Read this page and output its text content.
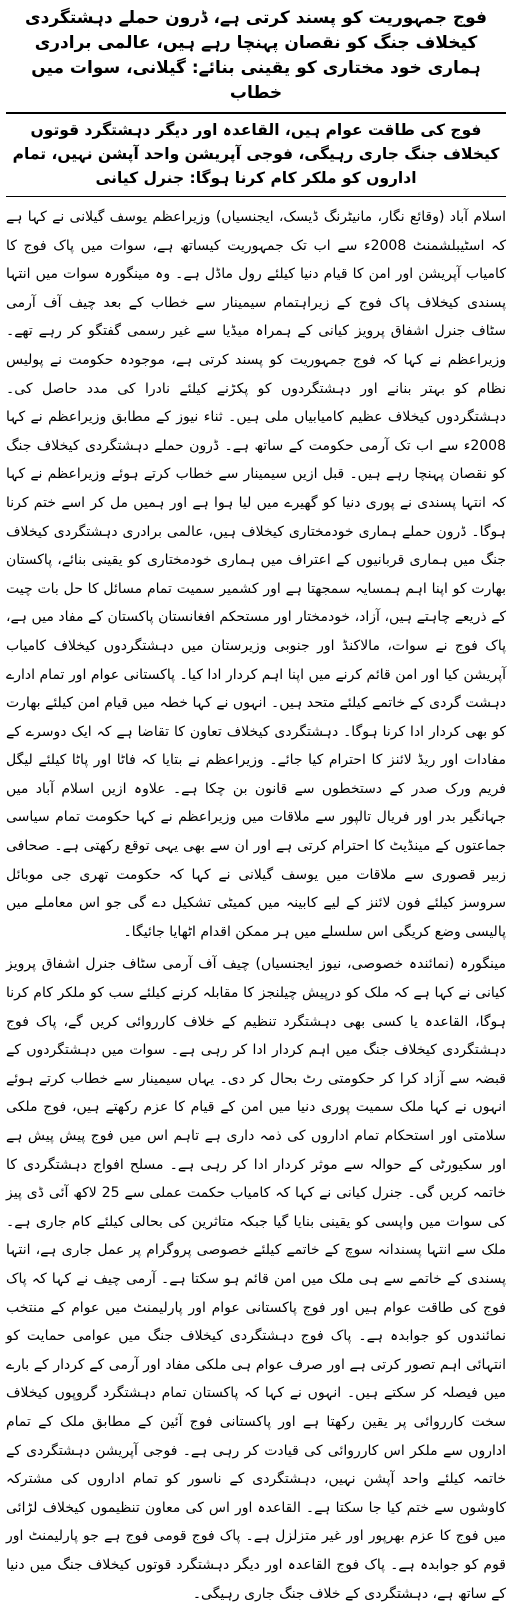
فوج جمہوریت کو پسند کرتی ہے، ڈرون حملے دہشتگردی کیخلاف جنگ کو نقصان پہنچا رہے ہیں، عالمی برادری ہماری خود مختاری کو یقینی بنائے: گیلانی، سوات میں خطاب
فوج کی طاقت عوام ہیں، القاعدہ اور دیگر دہشتگرد قوتوں کیخلاف جنگ جاری رہیگی، فوجی آپریشن واحد آپشن نہیں، تمام اداروں کو ملکر کام کرنا ہوگا: جنرل کیانی

اسلام آباد (وقائع نگار، مانیٹرنگ ڈیسک، ایجنسیاں) وزیراعظم یوسف گیلانی نے کہا ہے کہ اسٹیبلشمنٹ 2008ء سے اب تک جمہوریت کیساتھ ہے، سوات میں پاک فوج کا کامیاب آپریشن اور امن کا قیام دنیا کیلئے رول ماڈل ہے۔ وہ مینگورہ سوات میں انتہا پسندی کیخلاف پاک فوج کے زیراہتمام سیمینار سے خطاب کے بعد چیف آف آرمی سٹاف جنرل اشفاق پرویز کیانی کے ہمراہ میڈیا سے غیر رسمی گفتگو کر رہے تھے۔ وزیراعظم نے کہا کہ فوج جمہوریت کو پسند کرتی ہے، موجودہ حکومت نے پولیس نظام کو بہتر بنانے اور دہشتگردوں کو پکڑنے کیلئے نادرا کی مدد حاصل کی۔ دہشتگردوں کیخلاف عظیم کامیابیاں ملی ہیں۔ ثناء نیوز کے مطابق وزیراعظم نے کہا 2008ء سے اب تک آرمی حکومت کے ساتھ ہے۔ ڈرون حملے دہشتگردی کیخلاف جنگ کو نقصان پہنچا رہے ہیں۔ قبل ازیں سیمینار سے خطاب کرتے ہوئے وزیراعظم نے کہا کہ انتہا پسندی نے پوری دنیا کو گھیرے میں لیا ہوا ہے اور ہمیں مل کر اسے ختم کرنا ہوگا۔ ڈرون حملے ہماری خودمختاری کیخلاف ہیں، عالمی برادری دہشتگردی کیخلاف جنگ میں ہماری قربانیوں کے اعتراف میں ہماری خودمختاری کو یقینی بنائے، پاکستان بھارت کو اپنا اہم ہمسایہ سمجھتا ہے اور کشمیر سمیت تمام مسائل کا حل بات چیت کے ذریعے چاہتے ہیں، آزاد، خودمختار اور مستحکم افغانستان پاکستان کے مفاد میں ہے، پاک فوج نے سوات، مالاکنڈ اور جنوبی وزیرستان میں دہشتگردوں کیخلاف کامیاب آپریشن کیا اور امن قائم کرنے میں اپنا اہم کردار ادا کیا۔ پاکستانی عوام اور تمام ادارے دہشت گردی کے خاتمے کیلئے متحد ہیں۔ انہوں نے کہا خطہ میں قیام امن کیلئے بھارت کو بھی کردار ادا کرنا ہوگا۔ دہشتگردی کیخلاف تعاون کا تقاضا ہے کہ ایک دوسرے کے مفادات اور ریڈ لائنز کا احترام کیا جائے۔ وزیراعظم نے بتایا کہ فاٹا اور پاٹا کیلئے لیگل فریم ورک صدر کے دستخطوں سے قانون بن چکا ہے۔ علاوہ ازیں اسلام آباد میں جہانگیر بدر اور فریال تالپور سے ملاقات میں وزیراعظم نے کہا حکومت تمام سیاسی جماعتوں کے مینڈیٹ کا احترام کرتی ہے اور ان سے بھی یہی توقع رکھتی ہے۔ صحافی زبیر قصوری سے ملاقات میں یوسف گیلانی نے کہا کہ حکومت تھری جی موبائل سروسز کیلئے فون لائنز کے لیے کابینہ میں کمیٹی تشکیل دے گی جو اس معاملے میں پالیسی وضع کریگی اس سلسلے میں ہر ممکن اقدام اٹھایا جائیگا۔

مینگورہ (نمائندہ خصوصی، نیوز ایجنسیاں) چیف آف آرمی سٹاف جنرل اشفاق پرویز کیانی نے کہا ہے کہ ملک کو درپیش چیلنجز کا مقابلہ کرنے کیلئے سب کو ملکر کام کرنا ہوگا، القاعدہ یا کسی بھی دہشتگرد تنظیم کے خلاف کارروائی کریں گے، پاک فوج دہشتگردی کیخلاف جنگ میں اہم کردار ادا کر رہی ہے۔ سوات میں دہشتگردوں کے قبضہ سے آزاد کرا کر حکومتی رٹ بحال کر دی۔ یہاں سیمینار سے خطاب کرتے ہوئے انہوں نے کہا ملک سمیت پوری دنیا میں امن کے قیام کا عزم رکھتے ہیں، فوج ملکی سلامتی اور استحکام تمام اداروں کی ذمہ داری ہے تاہم اس میں فوج پیش پیش ہے اور سکیورٹی کے حوالہ سے موثر کردار ادا کر رہی ہے۔ مسلح افواج دہشتگردی کا خاتمہ کریں گی۔ جنرل کیانی نے کہا کہ کامیاب حکمت عملی سے 25 لاکھ آئی ڈی پیز کی سوات میں واپسی کو یقینی بنایا گیا جبکہ متاثرین کی بحالی کیلئے کام جاری ہے۔ ملک سے انتہا پسندانہ سوچ کے خاتمے کیلئے خصوصی پروگرام پر عمل جاری ہے، انتہا پسندی کے خاتمے سے ہی ملک میں امن قائم ہو سکتا ہے۔ آرمی چیف نے کہا کہ پاک فوج کی طاقت عوام ہیں اور فوج پاکستانی عوام اور پارلیمنٹ میں عوام کے منتخب نمائندوں کو جوابدہ ہے۔ پاک فوج دہشتگردی کیخلاف جنگ میں عوامی حمایت کو انتہائی اہم تصور کرتی ہے اور صرف عوام ہی ملکی مفاد اور آرمی کے کردار کے بارے میں فیصلہ کر سکتے ہیں۔ انہوں نے کہا کہ پاکستان تمام دہشتگرد گروپوں کیخلاف سخت کارروائی پر یقین رکھتا ہے اور پاکستانی فوج آئین کے مطابق ملک کے تمام اداروں سے ملکر اس کارروائی کی قیادت کر رہی ہے۔ فوجی آپریشن دہشتگردی کے خاتمہ کیلئے واحد آپشن نہیں، دہشتگردی کے ناسور کو تمام اداروں کی مشترکہ کاوشوں سے ختم کیا جا سکتا ہے۔ القاعدہ اور اس کی معاون تنظیموں کیخلاف لڑائی میں فوج کا عزم بھرپور اور غیر متزلزل ہے۔ پاک فوج قومی فوج ہے جو پارلیمنٹ اور قوم کو جوابدہ ہے۔ پاک فوج القاعدہ اور دیگر دہشتگرد قوتوں کیخلاف جنگ میں دنیا کے ساتھ ہے، دہشتگردی کے خلاف جنگ جاری رہیگی۔
